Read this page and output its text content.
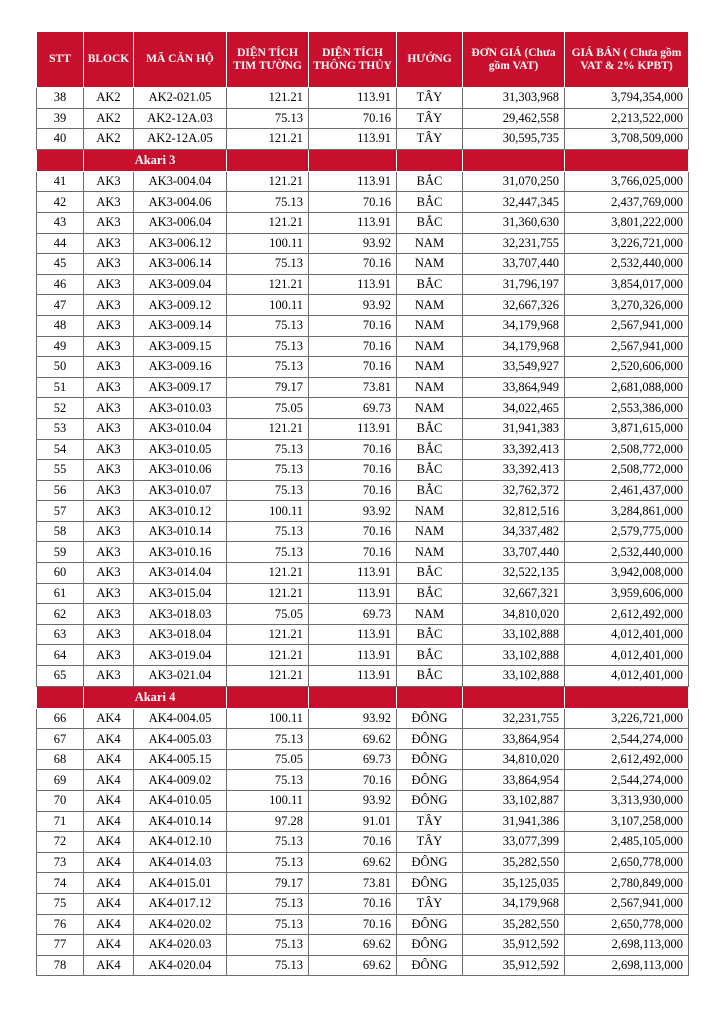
STT	BLOCK	MÃ CĂN HỘ	DIỆN TÍCH TIM TƯỜNG	DIỆN TÍCH THÔNG THỦY	HƯỚNG	ĐƠN GIÁ (Chưa gồm VAT)	GIÁ BÁN ( Chưa gồm VAT & 2% KPBT)
38	AK2	AK2-021.05	121.21	113.91	TÂY	31,303,968	3,794,354,000
39	AK2	AK2-12A.03	75.13	70.16	TÂY	29,462,558	2,213,522,000
40	AK2	AK2-12A.05	121.21	113.91	TÂY	30,595,735	3,708,509,000
	Akari 3						
41	AK3	AK3-004.04	121.21	113.91	BẮC	31,070,250	3,766,025,000
42	AK3	AK3-004.06	75.13	70.16	BẮC	32,447,345	2,437,769,000
43	AK3	AK3-006.04	121.21	113.91	BẮC	31,360,630	3,801,222,000
44	AK3	AK3-006.12	100.11	93.92	NAM	32,231,755	3,226,721,000
45	AK3	AK3-006.14	75.13	70.16	NAM	33,707,440	2,532,440,000
46	AK3	AK3-009.04	121.21	113.91	BẮC	31,796,197	3,854,017,000
47	AK3	AK3-009.12	100.11	93.92	NAM	32,667,326	3,270,326,000
48	AK3	AK3-009.14	75.13	70.16	NAM	34,179,968	2,567,941,000
49	AK3	AK3-009.15	75.13	70.16	NAM	34,179,968	2,567,941,000
50	AK3	AK3-009.16	75.13	70.16	NAM	33,549,927	2,520,606,000
51	AK3	AK3-009.17	79.17	73.81	NAM	33,864,949	2,681,088,000
52	AK3	AK3-010.03	75.05	69.73	NAM	34,022,465	2,553,386,000
53	AK3	AK3-010.04	121.21	113.91	BẮC	31,941,383	3,871,615,000
54	AK3	AK3-010.05	75.13	70.16	BẮC	33,392,413	2,508,772,000
55	AK3	AK3-010.06	75.13	70.16	BẮC	33,392,413	2,508,772,000
56	AK3	AK3-010.07	75.13	70.16	BẮC	32,762,372	2,461,437,000
57	AK3	AK3-010.12	100.11	93.92	NAM	32,812,516	3,284,861,000
58	AK3	AK3-010.14	75.13	70.16	NAM	34,337,482	2,579,775,000
59	AK3	AK3-010.16	75.13	70.16	NAM	33,707,440	2,532,440,000
60	AK3	AK3-014.04	121.21	113.91	BẮC	32,522,135	3,942,008,000
61	AK3	AK3-015.04	121.21	113.91	BẮC	32,667,321	3,959,606,000
62	AK3	AK3-018.03	75.05	69.73	NAM	34,810,020	2,612,492,000
63	AK3	AK3-018.04	121.21	113.91	BẮC	33,102,888	4,012,401,000
64	AK3	AK3-019.04	121.21	113.91	BẮC	33,102,888	4,012,401,000
65	AK3	AK3-021.04	121.21	113.91	BẮC	33,102,888	4,012,401,000
	Akari 4						
66	AK4	AK4-004.05	100.11	93.92	ĐÔNG	32,231,755	3,226,721,000
67	AK4	AK4-005.03	75.13	69.62	ĐÔNG	33,864,954	2,544,274,000
68	AK4	AK4-005.15	75.05	69.73	ĐÔNG	34,810,020	2,612,492,000
69	AK4	AK4-009.02	75.13	70.16	ĐÔNG	33,864,954	2,544,274,000
70	AK4	AK4-010.05	100.11	93.92	ĐÔNG	33,102,887	3,313,930,000
71	AK4	AK4-010.14	97.28	91.01	TÂY	31,941,386	3,107,258,000
72	AK4	AK4-012.10	75.13	70.16	TÂY	33,077,399	2,485,105,000
73	AK4	AK4-014.03	75.13	69.62	ĐÔNG	35,282,550	2,650,778,000
74	AK4	AK4-015.01	79.17	73.81	ĐÔNG	35,125,035	2,780,849,000
75	AK4	AK4-017.12	75.13	70.16	TÂY	34,179,968	2,567,941,000
76	AK4	AK4-020.02	75.13	70.16	ĐÔNG	35,282,550	2,650,778,000
77	AK4	AK4-020.03	75.13	69.62	ĐÔNG	35,912,592	2,698,113,000
78	AK4	AK4-020.04	75.13	69.62	ĐÔNG	35,912,592	2,698,113,000
